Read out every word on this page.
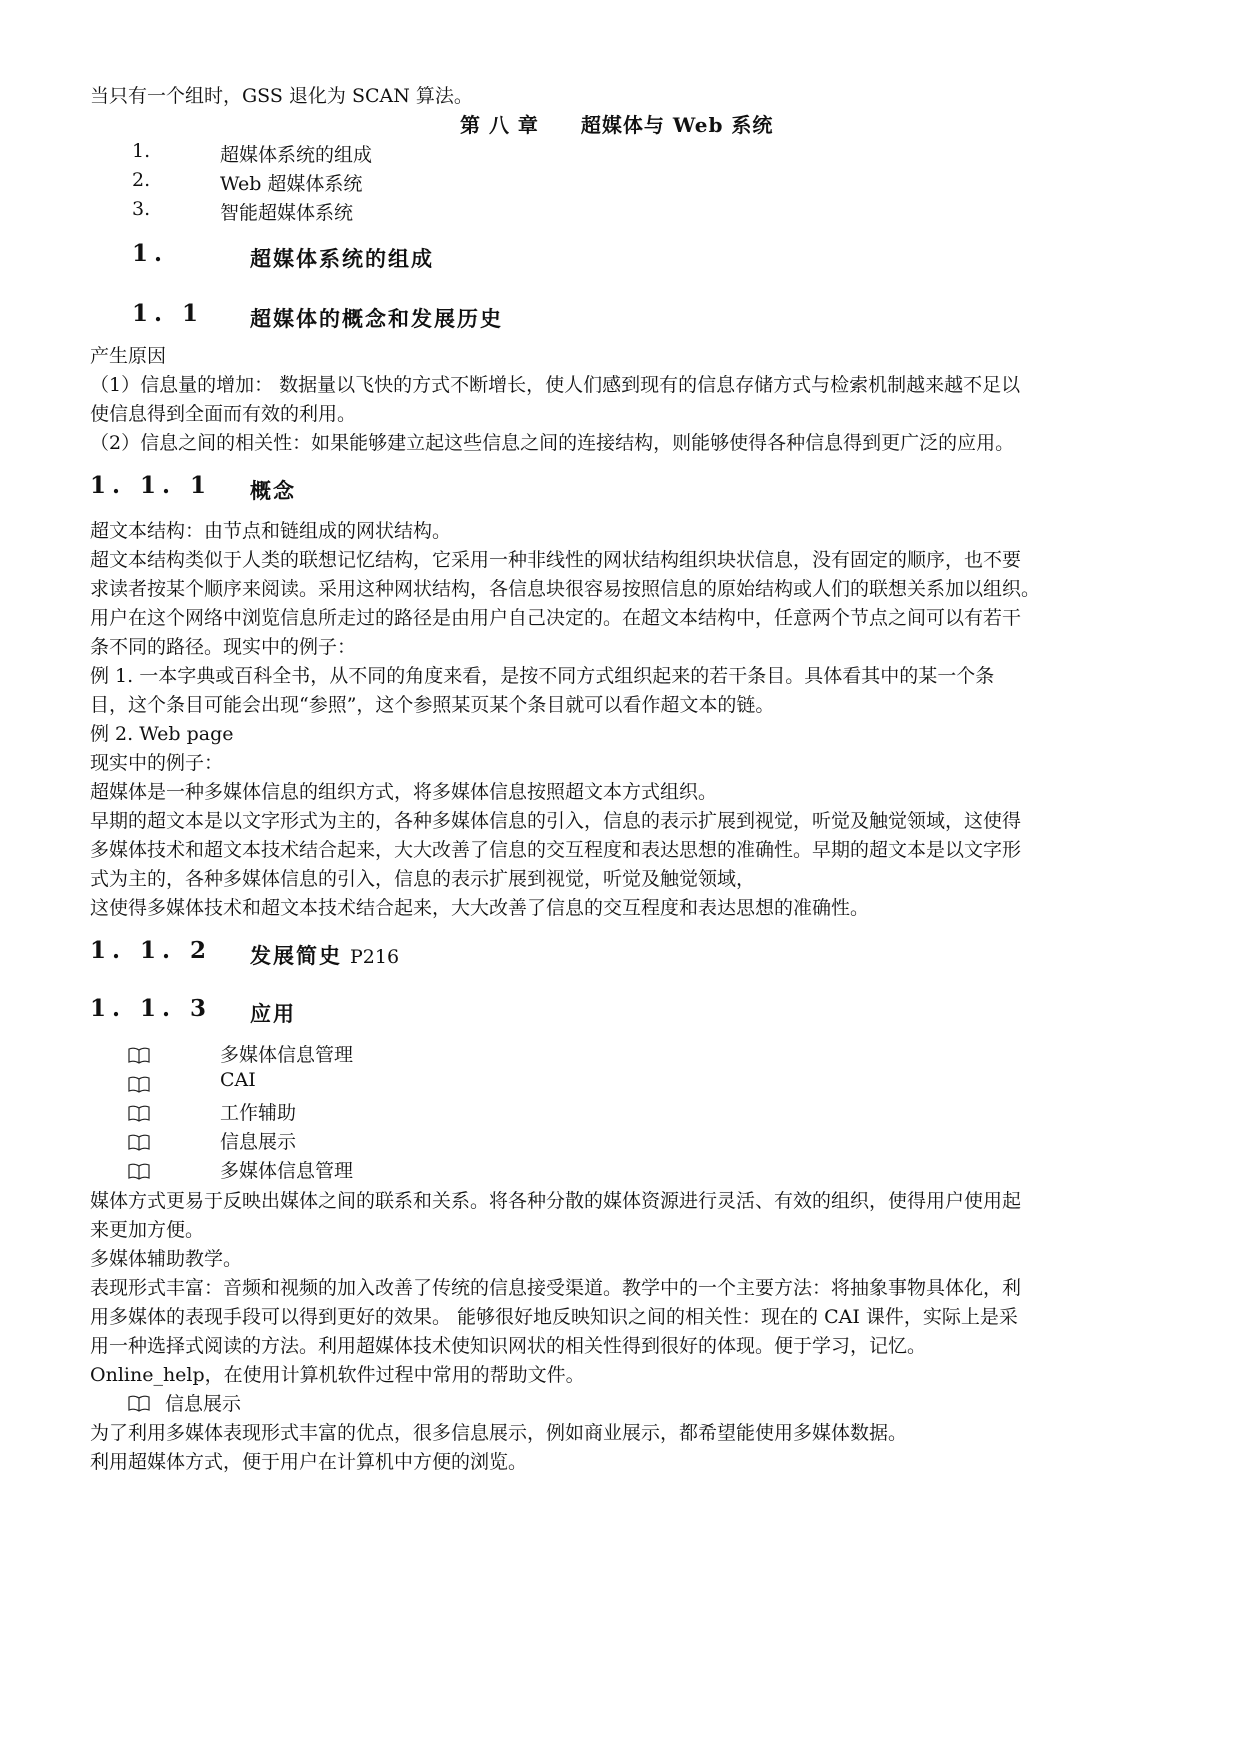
当只有一个组时，GSS 退化为 SCAN 算法。
第 八 章　　超媒体与 Web 系统
1.	超媒体系统的组成
2.	Web 超媒体系统
3.	智能超媒体系统
1.	超媒体系统的组成
1. 1 超媒体的概念和发展历史
产生原因
（1）信息量的增加： 数据量以飞快的方式不断增长，使人们感到现有的信息存储方式与检索机制越来越不足以
使信息得到全面而有效的利用。
（2）信息之间的相关性：如果能够建立起这些信息之间的连接结构，则能够使得各种信息得到更广泛的应用。
1. 1. 1 概念
超文本结构：由节点和链组成的网状结构。
超文本结构类似于人类的联想记忆结构，它采用一种非线性的网状结构组织块状信息，没有固定的顺序，也不要
求读者按某个顺序来阅读。采用这种网状结构，各信息块很容易按照信息的原始结构或人们的联想关系加以组织。
用户在这个网络中浏览信息所走过的路径是由用户自己决定的。在超文本结构中，任意两个节点之间可以有若干
条不同的路径。现实中的例子：
例 1. 一本字典或百科全书，从不同的角度来看，是按不同方式组织起来的若干条目。具体看其中的某一个条
目，这个条目可能会出现“参照”，这个参照某页某个条目就可以看作超文本的链。
例 2. Web page
现实中的例子：
超媒体是一种多媒体信息的组织方式，将多媒体信息按照超文本方式组织。
早期的超文本是以文字形式为主的，各种多媒体信息的引入，信息的表示扩展到视觉，听觉及触觉领域，这使得
多媒体技术和超文本技术结合起来，大大改善了信息的交互程度和表达思想的准确性。早期的超文本是以文字形
式为主的，各种多媒体信息的引入，信息的表示扩展到视觉，听觉及触觉领域，
这使得多媒体技术和超文本技术结合起来，大大改善了信息的交互程度和表达思想的准确性。
1. 1. 2 发展简史 P216
1. 1. 3 应用
多媒体信息管理
CAI
工作辅助
信息展示
多媒体信息管理
媒体方式更易于反映出媒体之间的联系和关系。将各种分散的媒体资源进行灵活、有效的组织，使得用户使用起
来更加方便。
多媒体辅助教学。
表现形式丰富：音频和视频的加入改善了传统的信息接受渠道。教学中的一个主要方法：将抽象事物具体化，利
用多媒体的表现手段可以得到更好的效果。 能够很好地反映知识之间的相关性：现在的 CAI 课件，实际上是采
用一种选择式阅读的方法。利用超媒体技术使知识网状的相关性得到很好的体现。便于学习，记忆。
Online_help，在使用计算机软件过程中常用的帮助文件。
信息展示
为了利用多媒体表现形式丰富的优点，很多信息展示，例如商业展示，都希望能使用多媒体数据。
利用超媒体方式，便于用户在计算机中方便的浏览。
